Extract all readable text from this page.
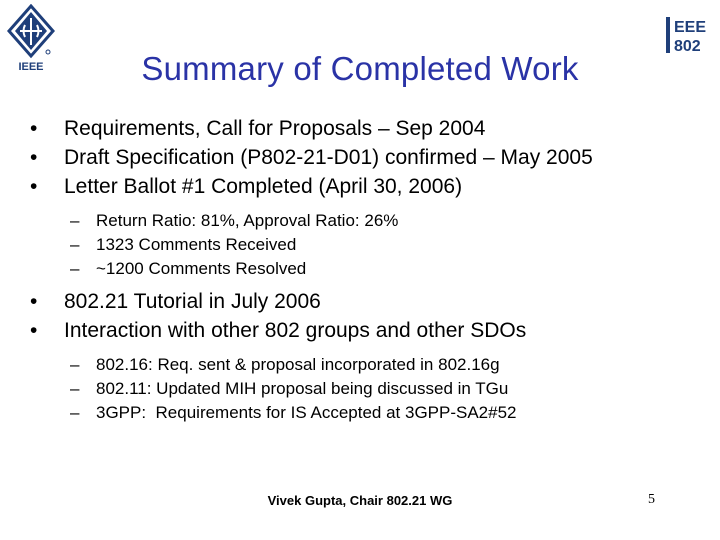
IEEE
EEE
802
Summary of Completed Work
•	Requirements, Call for Proposals – Sep 2004
•	Draft Specification (P802-21-D01) confirmed – May 2005
•	Letter Ballot #1 Completed (April 30, 2006)
– Return Ratio: 81%, Approval Ratio: 26%
– 1323 Comments Received
– ~1200 Comments Resolved
•	802.21 Tutorial in July 2006
•	Interaction with other 802 groups and other SDOs
– 802.16: Req. sent & proposal incorporated in 802.16g
– 802.11: Updated MIH proposal being discussed in TGu
– 3GPP:  Requirements for IS Accepted at 3GPP-SA2#52
Vivek Gupta, Chair 802.21 WG	5
